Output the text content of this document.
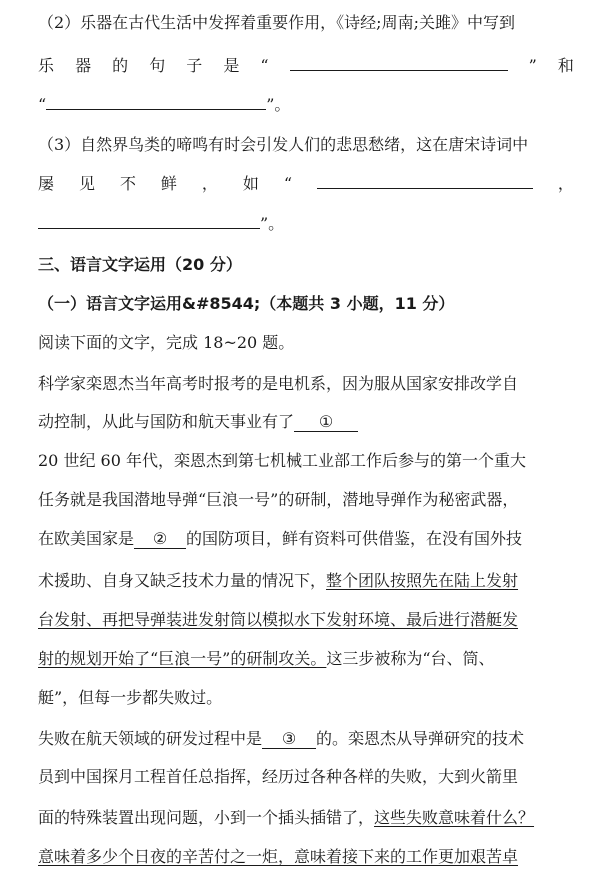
（2）乐器在古代生活中发挥着重要作用，《诗经;周南;关雎》中写到
乐 器 的 句 子 是 “	” 和
“	”。
（3）自然界鸟类的啼鸣有时会引发人们的悲思愁绪，这在唐宋诗词中
屡 见 不 鲜 ， 如 “	，
”。
三、语言文字运用（20 分）
（一）语言文字运用&#8544;（本题共 3 小题，11 分）
阅读下面的文字，完成 18~20 题。
科学家栾恩杰当年高考时报考的是电机系，因为服从国家安排改学自
动控制，从此与国防和航天事业有了 ①
20 世纪 60 年代，栾恩杰到第七机械工业部工作后参与的第一个重大
任务就是我国潜地导弹“巨浪一号”的研制，潜地导弹作为秘密武器，
在欧美国家是 ② 的国防项目，鲜有资料可供借鉴，在没有国外技
术援助、自身又缺乏技术力量的情况下，整个团队按照先在陆上发射
台发射、再把导弹装进发射筒以模拟水下发射环境、最后进行潜艇发
射的规划开始了“巨浪一号”的研制攻关。这三步被称为“台、筒、
艇”，但每一步都失败过。
失败在航天领域的研发过程中是 ③ 的。栾恩杰从导弹研究的技术
员到中国探月工程首任总指挥，经历过各种各样的失败，大到火箭里
面的特殊装置出现问题，小到一个插头插错了，这些失败意味着什么？
意味着多少个日夜的辛苦付之一炬，意味着接下来的工作更加艰苦卓
